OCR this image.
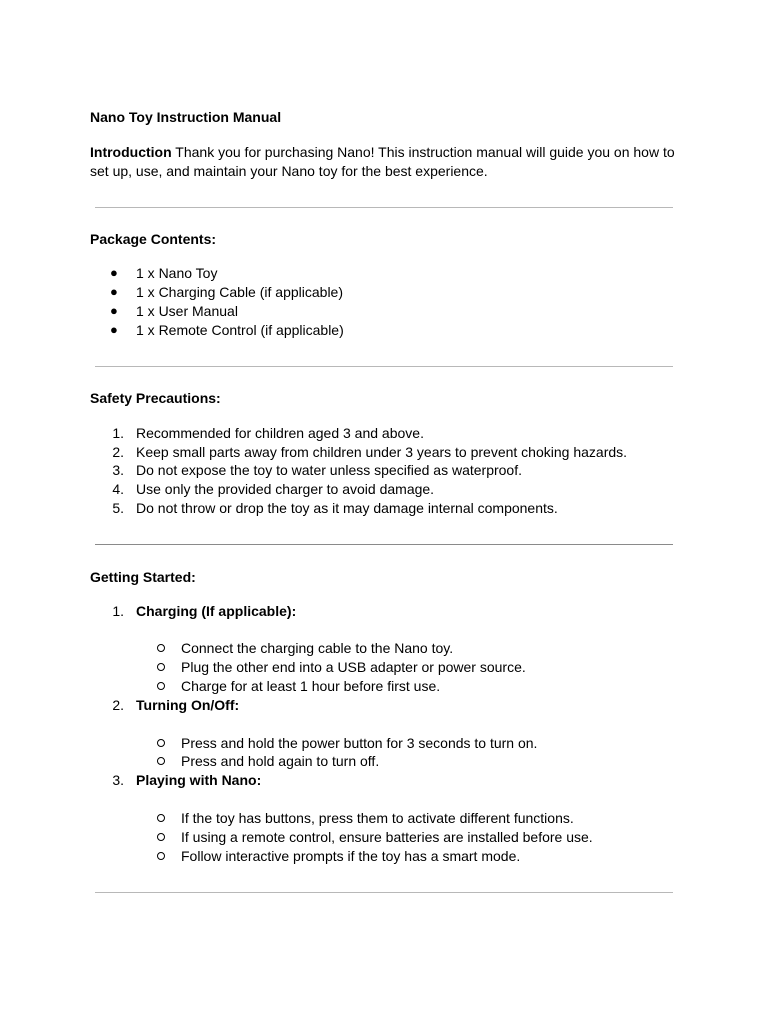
Nano Toy Instruction Manual
Introduction Thank you for purchasing Nano! This instruction manual will guide you on how to set up, use, and maintain your Nano toy for the best experience.
Package Contents:
● 1 x Nano Toy
● 1 x Charging Cable (if applicable)
● 1 x User Manual
● 1 x Remote Control (if applicable)
Safety Precautions:
1. Recommended for children aged 3 and above.
2. Keep small parts away from children under 3 years to prevent choking hazards.
3. Do not expose the toy to water unless specified as waterproof.
4. Use only the provided charger to avoid damage.
5. Do not throw or drop the toy as it may damage internal components.
Getting Started:
1. Charging (If applicable):
Connect the charging cable to the Nano toy.
Plug the other end into a USB adapter or power source.
Charge for at least 1 hour before first use.
2. Turning On/Off:
Press and hold the power button for 3 seconds to turn on.
Press and hold again to turn off.
3. Playing with Nano:
If the toy has buttons, press them to activate different functions.
If using a remote control, ensure batteries are installed before use.
Follow interactive prompts if the toy has a smart mode.
